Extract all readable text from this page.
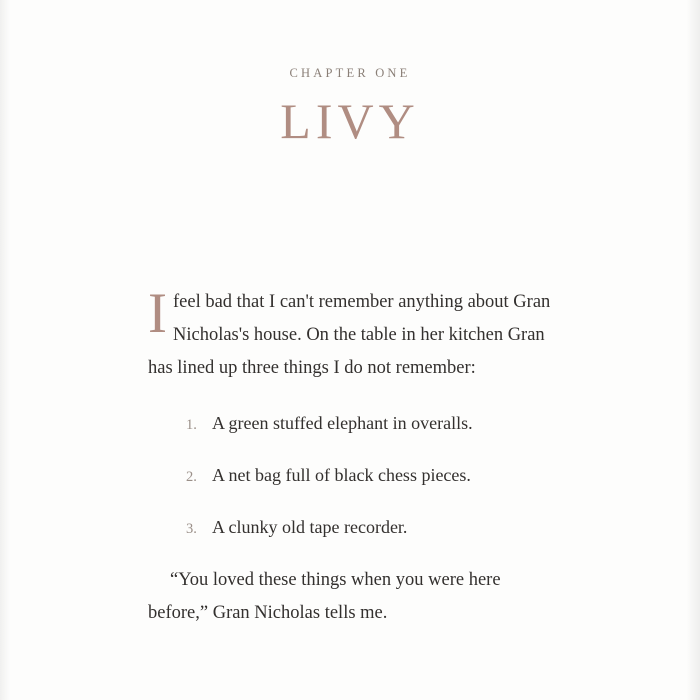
CHAPTER ONE
LIVY

Ifeel bad that I can't remember anything about Gran Nicholas's house. On the table in her kitchen Gran has lined up three things I do not remember:

1. A green stuffed elephant in overalls.
2. A net bag full of black chess pieces.
3. A clunky old tape recorder.

“You loved these things when you were here before,” Gran Nicholas tells me.
